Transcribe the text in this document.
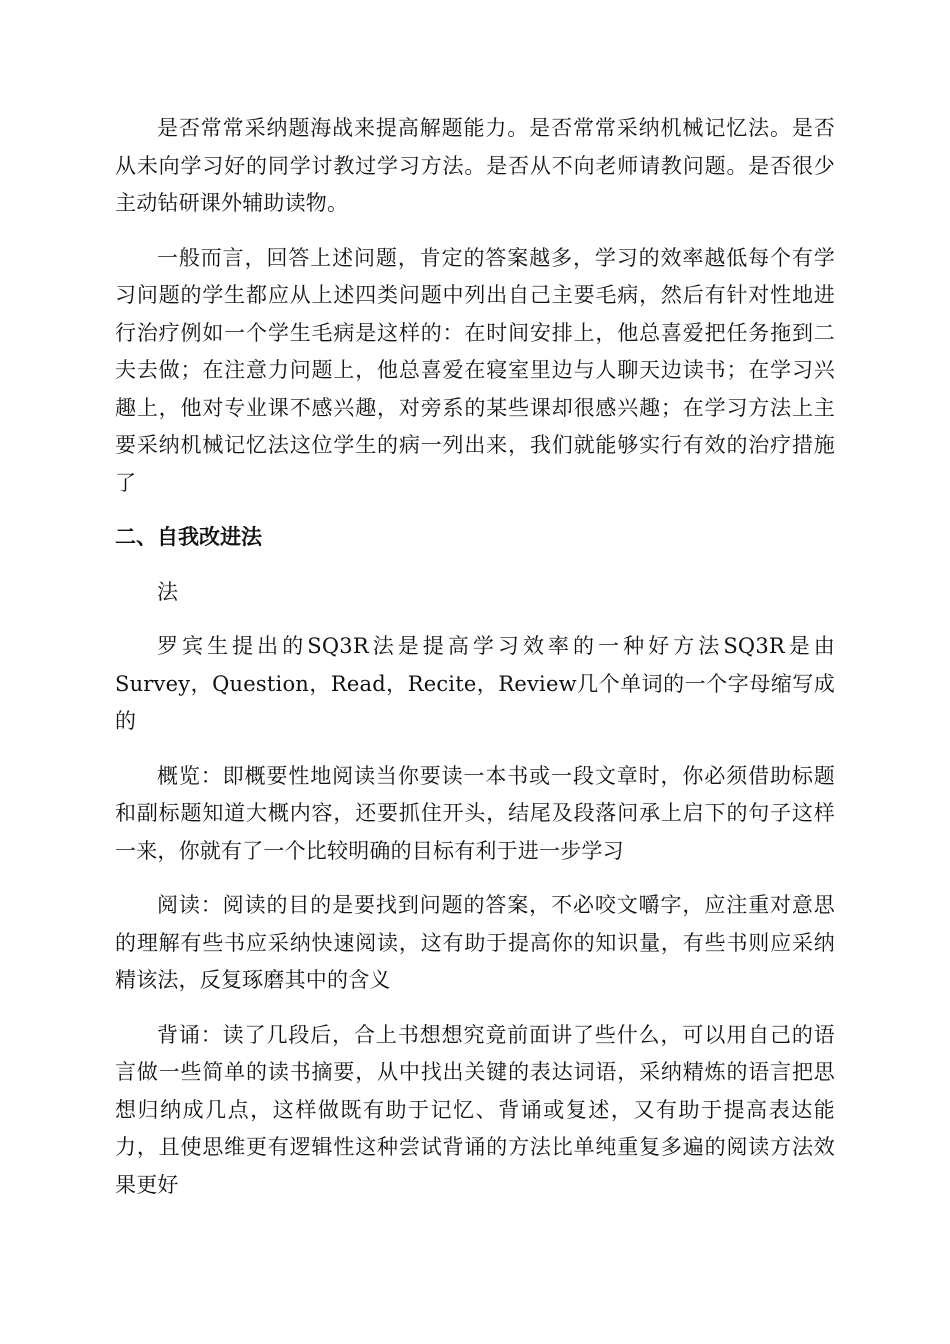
是否常常采纳题海战来提高解题能力。是否常常采纳机械记忆法。是否从未向学习好的同学讨教过学习方法。是否从不向老师请教问题。是否很少主动钻研课外辅助读物。

一般而言，回答上述问题，肯定的答案越多，学习的效率越低每个有学习问题的学生都应从上述四类问题中列出自己主要毛病，然后有针对性地进行治疗例如一个学生毛病是这样的：在时间安排上，他总喜爱把任务拖到二夫去做；在注意力问题上，他总喜爱在寝室里边与人聊天边读书；在学习兴趣上，他对专业课不感兴趣，对旁系的某些课却很感兴趣；在学习方法上主要采纳机械记忆法这位学生的病一列出来，我们就能够实行有效的治疗措施了

二、自我改进法

法

罗宾生提出的SQ3R法是提高学习效率的一种好方法SQ3R是由Survey，Question，Read，Recite，Review几个单词的一个字母缩写成的

概览：即概要性地阅读当你要读一本书或一段文章时，你必须借助标题和副标题知道大概内容，还要抓住开头，结尾及段落问承上启下的句子这样一来，你就有了一个比较明确的目标有利于进一步学习

阅读：阅读的目的是要找到问题的答案，不必咬文嚼字，应注重对意思的理解有些书应采纳快速阅读，这有助于提高你的知识量，有些书则应采纳精该法，反复琢磨其中的含义

背诵：读了几段后，合上书想想究竟前面讲了些什么，可以用自己的语言做一些简单的读书摘要，从中找出关键的表达词语，采纳精炼的语言把思想归纳成几点，这样做既有助于记忆、背诵或复述，又有助于提高表达能力，且使思维更有逻辑性这种尝试背诵的方法比单纯重复多遍的阅读方法效果更好
